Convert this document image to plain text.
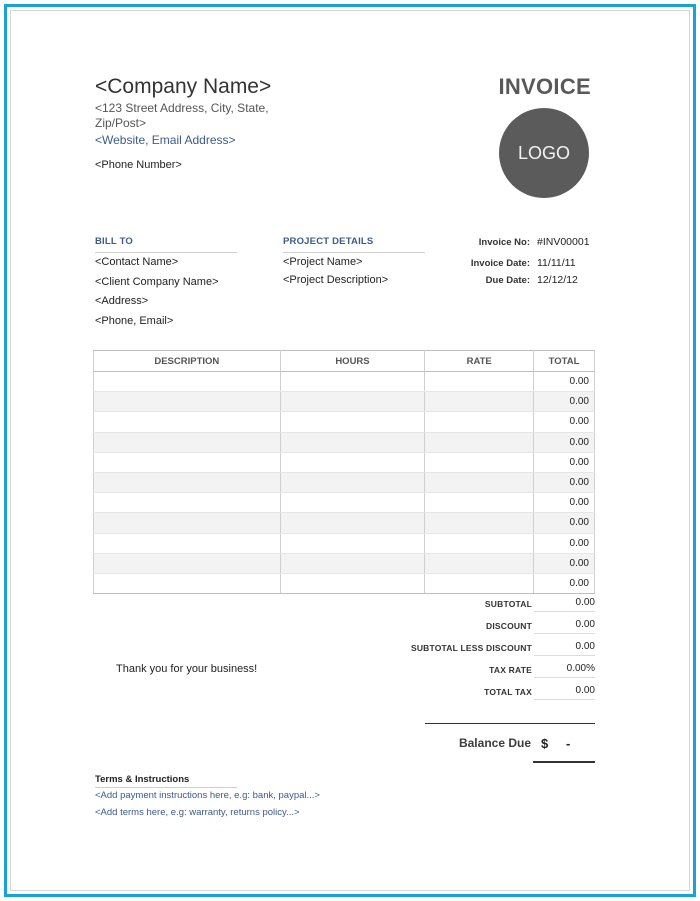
<Company Name>
<123 Street Address, City, State, Zip/Post>
<Website, Email Address>
<Phone Number>
INVOICE
LOGO
BILL TO
<Contact Name>
<Client Company Name>
<Address>
<Phone, Email>
PROJECT DETAILS
<Project Name>
<Project Description>
Invoice No: #INV00001
Invoice Date: 11/11/11
Due Date: 12/12/12
DESCRIPTION	HOURS	RATE	TOTAL
			0.00
			0.00
			0.00
			0.00
			0.00
			0.00
			0.00
			0.00
			0.00
			0.00
			0.00
SUBTOTAL	0.00
DISCOUNT	0.00
SUBTOTAL LESS DISCOUNT	0.00
TAX RATE	0.00%
TOTAL TAX	0.00
Thank you for your business!
Balance Due $ -
Terms & Instructions
<Add payment instructions here, e.g: bank, paypal...>
<Add terms here, e.g: warranty, returns policy...>
